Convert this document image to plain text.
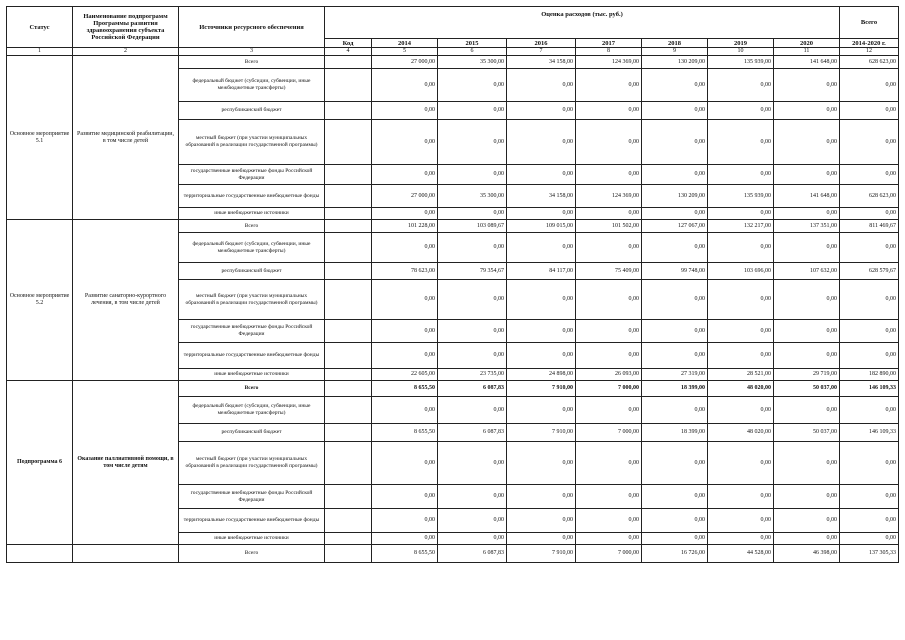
Статус	Наименование подпрограмм Программы развития здравоохранения субъекта Российской Федерации	Источники ресурсного обеспечения	Оценка расходов (тыс. руб.)								Всего
			Код	2014	2015	2016	2017	2018	2019	2020	2014-2020 г.
1	2	3	4	5	6	7	8	9	10	11	12
Основное мероприятие 5.1	Развитие медицинской реабилитации, в том числе детей	Всего		27 000,00	35 300,00	34 158,00	124 369,00	130 209,00	135 939,00	141 648,00	628 623,00
		федеральный бюджет (субсидии, субвенции, иные межбюджетные трансферты)		0,00	0,00	0,00	0,00	0,00	0,00	0,00	0,00
		республиканский бюджет		0,00	0,00	0,00	0,00	0,00	0,00	0,00	0,00
		местный бюджет (при участии муниципальных образований в реализации государственной программы)		0,00	0,00	0,00	0,00	0,00	0,00	0,00	0,00
		государственные внебюджетные фонды Российской Федерации		0,00	0,00	0,00	0,00	0,00	0,00	0,00	0,00
		территориальные государственные внебюджетные фонды		27 000,00	35 300,00	34 158,00	124 369,00	130 209,00	135 939,00	141 648,00	628 623,00
		иные внебюджетные источники		0,00	0,00	0,00	0,00	0,00	0,00	0,00	0,00
Основное мероприятие 5.2	Развитие санаторно-курортного лечения, в том числе детей	Всего		101 228,00	103 089,67	109 015,00	101 502,00	127 067,00	132 217,00	137 351,00	811 469,67
		федеральный бюджет (субсидии, субвенции, иные межбюджетные трансферты)		0,00	0,00	0,00	0,00	0,00	0,00	0,00	0,00
		республиканский бюджет		78 623,00	79 354,67	84 117,00	75 409,00	99 748,00	103 696,00	107 632,00	628 579,67
		местный бюджет (при участии муниципальных образований в реализации государственной программы)		0,00	0,00	0,00	0,00	0,00	0,00	0,00	0,00
		государственные внебюджетные фонды Российской Федерации		0,00	0,00	0,00	0,00	0,00	0,00	0,00	0,00
		территориальные государственные внебюджетные фонды		0,00	0,00	0,00	0,00	0,00	0,00	0,00	0,00
		иные внебюджетные источники		22 605,00	23 735,00	24 898,00	26 093,00	27 319,00	28 521,00	29 719,00	182 890,00
Подпрограмма 6	Оказание паллиативной помощи, в том числе детям	Всего		8 655,50	6 087,83	7 910,00	7 000,00	18 399,00	48 020,00	50 037,00	146 109,33
		федеральный бюджет (субсидии, субвенции, иные межбюджетные трансферты)		0,00	0,00	0,00	0,00	0,00	0,00	0,00	0,00
		республиканский бюджет		8 655,50	6 087,83	7 910,00	7 000,00	18 399,00	48 020,00	50 037,00	146 109,33
		местный бюджет (при участии муниципальных образований в реализации государственной программы)		0,00	0,00	0,00	0,00	0,00	0,00	0,00	0,00
		государственные внебюджетные фонды Российской Федерации		0,00	0,00	0,00	0,00	0,00	0,00	0,00	0,00
		территориальные государственные внебюджетные фонды		0,00	0,00	0,00	0,00	0,00	0,00	0,00	0,00
		иные внебюджетные источники		0,00	0,00	0,00	0,00	0,00	0,00	0,00	0,00
		Всего		8 655,50	6 087,83	7 910,00	7 000,00	16 726,00	44 528,00	46 398,00	137 305,33
